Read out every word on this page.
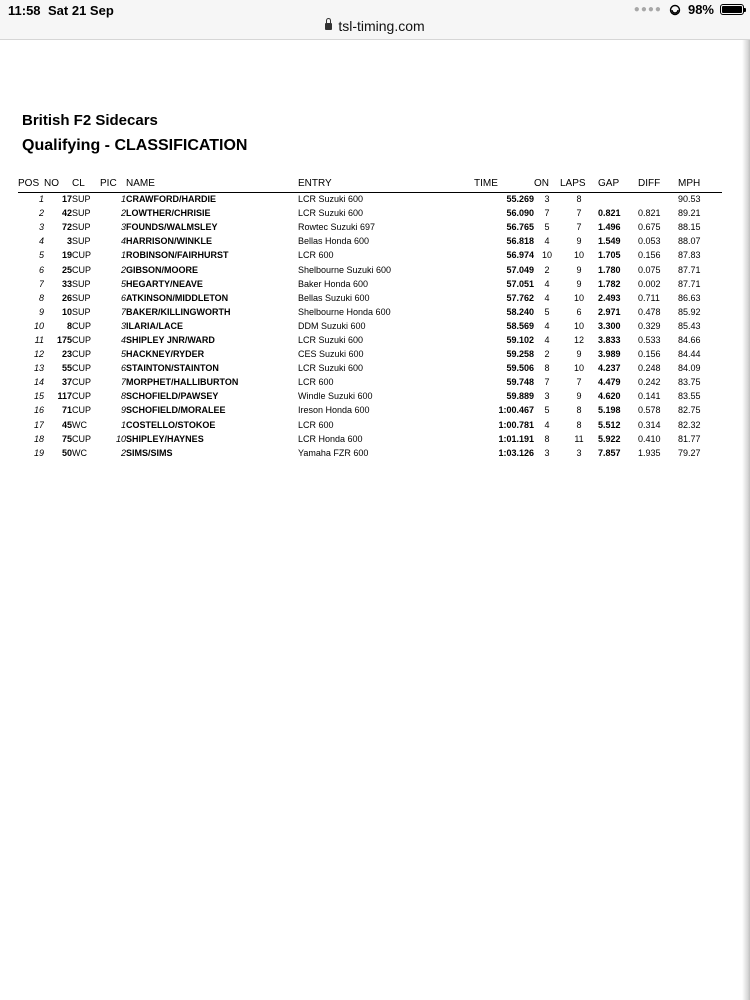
11:58 Sat 21 Sep	●●●● 98%
tsl-timing.com
British F2 Sidecars
Qualifying - CLASSIFICATION
POS	NO	CL	PIC	NAME	ENTRY	TIME	ON	LAPS	GAP	DIFF	MPH
1	17	SUP	1	CRAWFORD/HARDIE	LCR Suzuki 600	55.269	3	8			90.53
2	42	SUP	2	LOWTHER/CHRISIE	LCR Suzuki 600	56.090	7	7	0.821	0.821	89.21
3	72	SUP	3	FOUNDS/WALMSLEY	Rowtec Suzuki 697	56.765	5	7	1.496	0.675	88.15
4	3	SUP	4	HARRISON/WINKLE	Bellas Honda 600	56.818	4	9	1.549	0.053	88.07
5	19	CUP	1	ROBINSON/FAIRHURST	LCR 600	56.974	10	10	1.705	0.156	87.83
6	25	CUP	2	GIBSON/MOORE	Shelbourne Suzuki 600	57.049	2	9	1.780	0.075	87.71
7	33	SUP	5	HEGARTY/NEAVE	Baker Honda 600	57.051	4	9	1.782	0.002	87.71
8	26	SUP	6	ATKINSON/MIDDLETON	Bellas Suzuki 600	57.762	4	10	2.493	0.711	86.63
9	10	SUP	7	BAKER/KILLINGWORTH	Shelbourne Honda 600	58.240	5	6	2.971	0.478	85.92
10	8	CUP	3	ILARIA/LACE	DDM Suzuki 600	58.569	4	10	3.300	0.329	85.43
11	175	CUP	4	SHIPLEY JNR/WARD	LCR Suzuki 600	59.102	4	12	3.833	0.533	84.66
12	23	CUP	5	HACKNEY/RYDER	CES Suzuki 600	59.258	2	9	3.989	0.156	84.44
13	55	CUP	6	STAINTON/STAINTON	LCR Suzuki 600	59.506	8	10	4.237	0.248	84.09
14	37	CUP	7	MORPHET/HALLIBURTON	LCR 600	59.748	7	7	4.479	0.242	83.75
15	117	CUP	8	SCHOFIELD/PAWSEY	Windle Suzuki 600	59.889	3	9	4.620	0.141	83.55
16	71	CUP	9	SCHOFIELD/MORALEE	Ireson Honda 600	1:00.467	5	8	5.198	0.578	82.75
17	45	WC	1	COSTELLO/STOKOE	LCR 600	1:00.781	4	8	5.512	0.314	82.32
18	75	CUP	10	SHIPLEY/HAYNES	LCR Honda 600	1:01.191	8	11	5.922	0.410	81.77
19	50	WC	2	SIMS/SIMS	Yamaha FZR 600	1:03.126	3	3	7.857	1.935	79.27
